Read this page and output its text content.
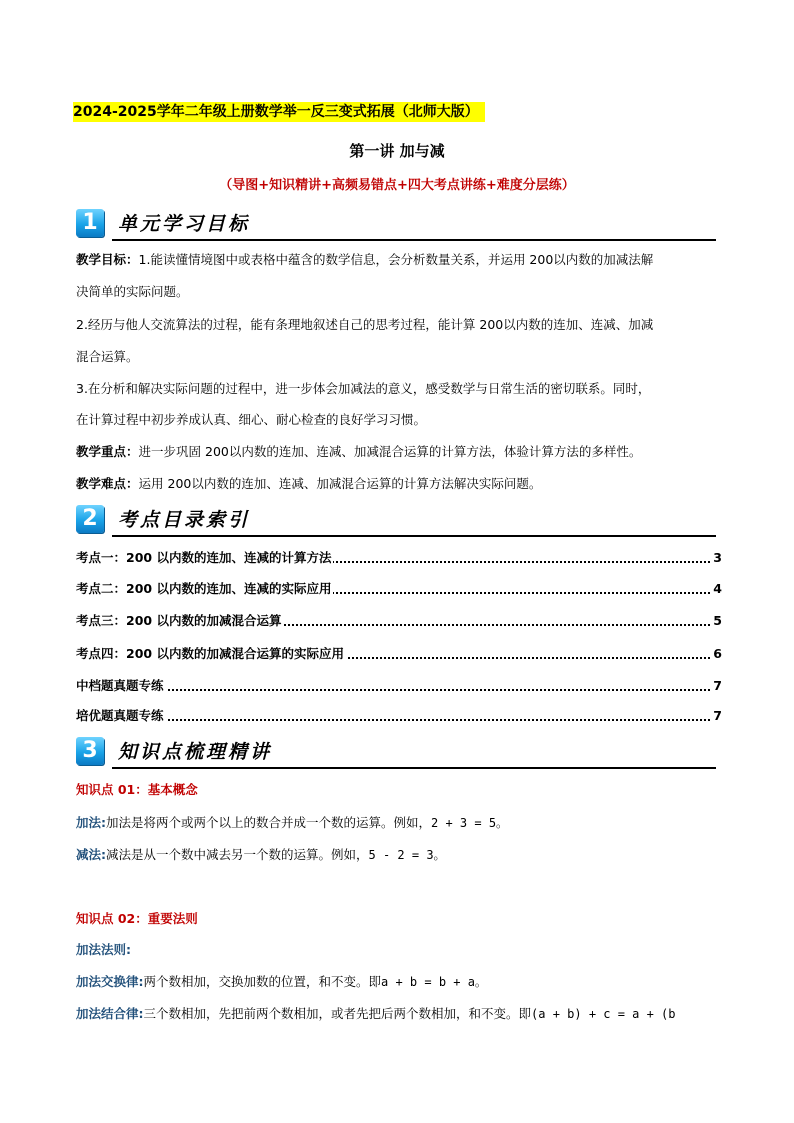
2024-2025学年二年级上册数学举一反三变式拓展（北师大版）
第一讲 加与减
（导图+知识精讲+高频易错点+四大考点讲练+难度分层练）
1	单元学习目标
教学目标：1.能读懂情境图中或表格中蕴含的数学信息，会分析数量关系，并运用 200以内数的加减法解
决简单的实际问题。
2.经历与他人交流算法的过程，能有条理地叙述自己的思考过程，能计算 200以内数的连加、连减、加减
混合运算。
3.在分析和解决实际问题的过程中，进一步体会加减法的意义，感受数学与日常生活的密切联系。同时，
在计算过程中初步养成认真、细心、耐心检查的良好学习习惯。
教学重点：进一步巩固 200以内数的连加、连减、加减混合运算的计算方法，体验计算方法的多样性。
教学难点：运用 200以内数的连加、连减、加减混合运算的计算方法解决实际问题。
2	考点目录索引
考点一：200 以内数的连加、连减的计算方法	3
考点二：200 以内数的连加、连减的实际应用	4
考点三：200 以内数的加减混合运算	5
考点四：200 以内数的加减混合运算的实际应用	6
中档题真题专练	7
培优题真题专练	7
3	知识点梳理精讲
知识点 01：基本概念
加法:加法是将两个或两个以上的数合并成一个数的运算。例如，2 + 3 = 5。
减法:减法是从一个数中减去另一个数的运算。例如，5 - 2 = 3。
知识点 02：重要法则
加法法则:
加法交换律:两个数相加，交换加数的位置，和不变。即a + b = b + a。
加法结合律:三个数相加，先把前两个数相加，或者先把后两个数相加，和不变。即(a + b) + c = a + (b
